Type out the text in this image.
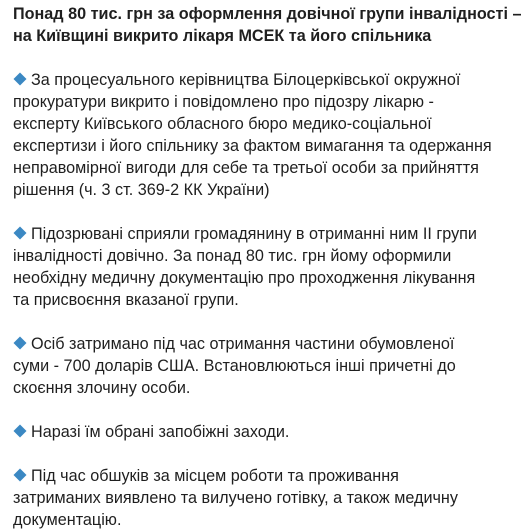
Понад 80 тис. грн за оформлення довічної групи інвалідності –
на Київщині викрито лікаря МСЕК та його спільника

За процесуального керівництва Білоцерківської окружної
прокуратури викрито і повідомлено про підозру лікарю -
експерту Київського обласного бюро медико-соціальної
експертизи і його спільнику за фактом вимагання та одержання
неправомірної вигоди для себе та третьої особи за прийняття
рішення (ч. 3 ст. 369-2 КК України)

Підозрювані сприяли громадянину в отриманні ним ІІ групи
інвалідності довічно. За понад 80 тис. грн йому оформили
необхідну медичну документацію про проходження лікування
та присвоєння вказаної групи.

Осіб затримано під час отримання частини обумовленої
суми - 700 доларів США. Встановлюються інші причетні до
скоєння злочину особи.

Наразі їм обрані запобіжні заходи.

Під час обшуків за місцем роботи та проживання
затриманих виявлено та вилучено готівку, а також медичну
документацію.
